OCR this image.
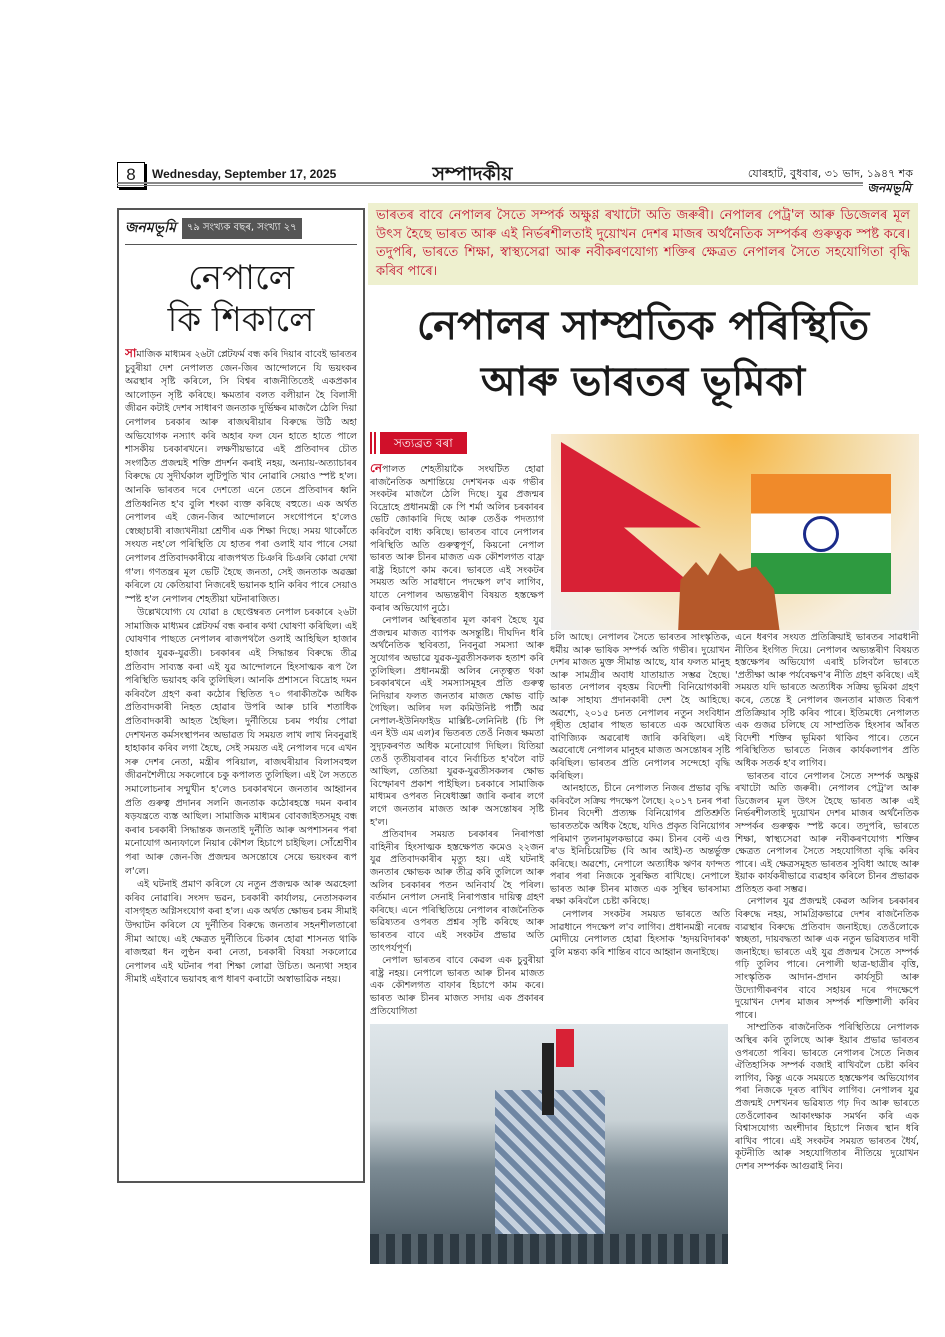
8	Wednesday, September 17, 2025	সম্পাদকীয়	যোৰহাট, বুধবাৰ, ৩১ ভাদ, ১৯৪৭ শক
জনমভূমি
জনমভূমি	৭৯ সংখ্যক বছৰ, সংখ্যা ২৭
নেপালে
কি শিকালে

সামাজিক মাধ্যমৰ ২৬টা প্লেটফৰ্ম বন্ধ কৰি দিয়াৰ বাবেই ভাৰতৰ চুবুৰীয়া দেশ নেপালত জেন-জিৰ আন্দোলনে যি ভয়ংকৰ অৱস্থাৰ সৃষ্টি কৰিলে, সি বিশ্বৰ ৰাজনীতিতেই একপ্ৰকাৰ আলোড়ন সৃষ্টি কৰিছে। ক্ষমতাৰ বলত বলীয়ান হৈ বিলাসী জীৱন কটাই দেশৰ সাধাৰণ জনতাক দুৰ্ভিক্ষৰ মাজলৈ ঠেলি দিয়া নেপালৰ চৰকাৰ আৰু ৰাজঘৰীয়াৰ বিৰুদ্ধে উঠি অহা অভিযোগক নস্যাৎ কৰি অহাৰ ফল যেন হাতে হাতে পালে শাসকীয় চৰকাৰখনে। লক্ষণীয়ভাৱে এই প্ৰতিবাদৰ চৌত সংগঠিত প্ৰজন্মই শক্তি প্ৰদৰ্শন কৰাই নহয়, অন্যায়-অত্যাচাৰৰ বিৰুদ্ধে যে সুদীৰ্ঘকাল লুটিপুতি খাব নোৱাৰি সেয়াও স্পষ্ট হ'ল। আনকি ভাৰতৰ দৰে দেশতো এনে তেনে প্ৰতিবাদৰ ধ্বনি প্ৰতিধ্বনিত হ'ব বুলি শংকা ব্যক্ত কৰিছে বহুতে। এক অৰ্থত নেপালৰ এই জেন-জিৰ আন্দোলনে সংগোপনে হ'লেও স্বেচ্ছাচাৰী ৰাজ্যখনীয়া শ্ৰেণীৰ এক শিক্ষা দিছে। সময় থাকোঁতে সংযত নহ'লে পৰিস্থিতি যে হাতৰ পৰা ওলাই যাব পাৰে সেয়া নেপালৰ প্ৰতিবাদকাৰীয়ে ৰাজপথত চিঞৰি চিঞৰি কোৱা দেখা গ'ল। গণতন্ত্ৰৰ মূল ভেটি হৈছে জনতা, সেই জনতাক অৱজ্ঞা কৰিলে যে কেতিয়াবা নিজৰেই ভয়ানক হানি কৰিব পাৰে সেয়াও স্পষ্ট হ'ল নেপালৰ শেহতীয়া ঘটনাৰাজিত।

উল্লেখযোগ্য যে যোৱা ৪ ছেপ্তেম্বৰত নেপাল চৰকাৰে ২৬টা সামাজিক মাধ্যমৰ প্লেটফৰ্ম বন্ধ কৰাৰ কথা ঘোষণা কৰিছিল। এই ঘোষণাৰ পাছতে নেপালৰ ৰাজপথলৈ ওলাই আহিছিল হাজাৰ হাজাৰ যুৱক-যুৱতী। চৰকাৰৰ এই সিদ্ধান্তৰ বিৰুদ্ধে তীব্ৰ প্ৰতিবাদ সাব্যস্ত কৰা এই যুৱ আন্দোলনে হিংসাত্মক ৰূপ লৈ পৰিস্থিতি ভয়াবহ কৰি তুলিছিল। আনকি প্ৰশাসনে বিদ্ৰোহ দমন কৰিবলৈ গ্ৰহণ কৰা কঠোৰ স্থিতিত ৭০ গৰাকীতকৈ অধিক প্ৰতিবাদকাৰী নিহত হোৱাৰ উপৰি আৰু চাৰি শতাধিক প্ৰতিবাদকাৰী আহত হৈছিল। দুৰ্নীতিয়ে চৰম পৰ্যায় পোৱা দেশখনত কৰ্মসংস্থাপনৰ অভাৱত যি সময়ত লাখ লাখ নিবনুৱাই হাহাকাৰ কৰিব লগা হৈছে, সেই সময়ত এই নেপালৰ দৰে এখন সৰু দেশৰ নেতা, মন্ত্ৰীৰ পৰিয়াল, ৰাজঘৰীয়াৰ বিলাসবহুল জীৱনশৈলীয়ে সকলোৰে চকু কপালত তুলিছিল। এই লৈ সততে সমালোচনাৰ সন্মুখীন হ'লেও চৰকাৰখনে জনতাৰ আহ্বানৰ প্ৰতি গুৰুত্ব প্ৰদানৰ সলনি জনতাক কঠোৰহস্তে দমন কৰাৰ ষড়যন্ত্ৰতে ব্যস্ত আছিল। সামাজিক মাধ্যমৰ বোবজাইতসমূহ বন্ধ কৰাৰ চৰকাৰী সিদ্ধান্তক জনতাই দুৰ্নীতি আৰু অপশাসনৰ পৰা মনোযোগ অন্যফালে নিয়াৰ কৌশল হিচাপে চাইছিল। সোঁশ্ৰেণীৰ পৰা আৰু জেন-জি প্ৰজন্মৰ অসন্তোষে সেয়ে ভয়ংকৰ ৰূপ ল'লে।

এই ঘটনাই প্ৰমাণ কৰিলে যে নতুন প্ৰজন্মক আৰু অৱহেলা কৰিব নোৱাৰি। সংসদ ভৱন, চৰকাৰী কাৰ্যালয়, নেতাসকলৰ বাসগৃহত অগ্নিসংযোগ কৰা হ'ল। এক অৰ্থত ক্ষোভৰ চৰম সীমাই উদ্ঘাটন কৰিলে যে দুৰ্নীতিৰ বিৰুদ্ধে জনতাৰ সহনশীলতাৰো সীমা আছে। এই ক্ষেত্ৰত দুৰ্নীতিৰে চিকাৰ হোৱা শাসনত থাকি ৰাজহুৱা ধন লুণ্ঠন কৰা নেতা, চৰকাৰী বিষয়া সকলোৱে নেপালৰ এই ঘটনাৰ পৰা শিক্ষা লোৱা উচিত। অন্যথা সহ্যৰ সীমাই এইবাৰে ভয়াবহ ৰূপ ধাৰণ কৰাটো অস্বাভাৱিক নহয়।

ভাৰতৰ বাবে নেপালৰ সৈতে সম্পৰ্ক অক্ষুণ্ণ ৰখাটো অতি জৰুৰী। নেপালৰ পেট্ৰ'ল আৰু ডিজেলৰ মূল উৎস হৈছে ভাৰত আৰু এই নিৰ্ভৰশীলতাই দুয়োখন দেশৰ মাজৰ অৰ্থনৈতিক সম্পৰ্কৰ গুৰুত্বক স্পষ্ট কৰে। তদুপৰি, ভাৰতে শিক্ষা, স্বাস্থ্যসেৱা আৰু নবীকৰণযোগ্য শক্তিৰ ক্ষেত্ৰত নেপালৰ সৈতে সহযোগিতা বৃদ্ধি কৰিব পাৰে।
নেপালৰ সাম্প্ৰতিক পৰিস্থিতি
আৰু ভাৰতৰ ভূমিকা
সত্যব্ৰত বৰা

নেপালত শেহতীয়াকৈ সংঘটিত হোৱা ৰাজনৈতিক অশান্তিয়ে দেশখনক এক গভীৰ সংকটৰ মাজলৈ ঠেলি দিছে। যুৱ প্ৰজন্মৰ বিদ্ৰোহে প্ৰধানমন্ত্ৰী কে পি শৰ্মা অলিৰ চৰকাৰৰ ভেটি জোকাৰি দিছে আৰু তেওঁক পদত্যাগ কৰিবলৈ বাধ্য কৰিছে। ভাৰতৰ বাবে নেপালৰ পৰিস্থিতি অতি গুৰুত্বপূৰ্ণ, কিয়নো নেপাল ভাৰত আৰু চীনৰ মাজত এক কৌশলগত বাফ্ৰ ৰাষ্ট্ৰ হিচাপে কাম কৰে। ভাৰতে এই সংকটৰ সময়ত অতি সাৱধানে পদক্ষেপ ল'ব লাগিব, যাতে নেপালৰ অভ্যন্তৰীণ বিষয়ত হস্তক্ষেপ কৰাৰ অভিযোগ নুঠে।

নেপালৰ অস্থিৰতাৰ মূল কাৰণ হৈছে যুৱ প্ৰজন্মৰ মাজত ব্যাপক অসন্তুষ্টি। দীঘদিন ধৰি অৰ্থনৈতিক স্থবিৰতা, নিবনুৱা সমস্যা আৰু সুযোগৰ অভাৱে যুৱক-যুৱতীসকলক হতাশ কৰি তুলিছিল। প্ৰধানমন্ত্ৰী অলিৰ নেতৃত্বত থকা চৰকাৰখনে এই সমস্যাসমূহৰ প্ৰতি গুৰুত্ব নিদিয়াৰ ফলত জনতাৰ মাজত ক্ষোভ বাঢ়ি গৈছিল। অলিৰ দল কমিউনিষ্ট পাৰ্টী অৱ নেপাল-ইউনিফাইড মাৰ্ক্সিষ্ট-লেনিনিষ্ট (চি পি এন ইউ এম এল)ৰ ভিতৰত তেওঁ নিজৰ ক্ষমতা সুদৃঢ়কৰণত অধিক মনোযোগ দিছিল। যিতিয়া তেওঁ তৃতীয়বাৰৰ বাবে নিৰ্বাচিত হ'বলৈ বাট আছিল, তেতিয়া যুৱক-যুৱতীসকলৰ ক্ষোভ বিস্ফোৰণ প্ৰকাশ পাইছিল। চৰকাৰে সামাজিক মাধ্যমৰ ওপৰত নিষেধাজ্ঞা জাৰি কৰাৰ লগে লগে জনতাৰ মাজত আৰু অসন্তোষৰ সৃষ্টি হ'ল।

প্ৰতিবাদৰ সময়ত চৰকাৰৰ নিৰাপত্তা বাহিনীৰ হিংসাত্মক হস্তক্ষেপত কমেও ২২জন যুৱ প্ৰতিবাদকাৰীৰ মৃত্যু হয়। এই ঘটনাই জনতাৰ ক্ষোভক আৰু তীব্ৰ কৰি তুলিলে আৰু অলিৰ চৰকাৰৰ পতন অনিবাৰ্য হৈ পৰিল। বৰ্তমান নেপাল সেনাই নিৰাপত্তাৰ দায়িত্ব গ্ৰহণ কৰিছে। এনে পৰিস্থিতিয়ে নেপালৰ ৰাজনৈতিক ভৱিষ্যতৰ ওপৰত প্ৰশ্নৰ সৃষ্টি কৰিছে আৰু ভাৰতৰ বাবে এই সংকটৰ প্ৰভাৱ অতি তাৎপৰ্যপূৰ্ণ।

নেপাল ভাৰতৰ বাবে কেৱল এক চুবুৰীয়া ৰাষ্ট্ৰ নহয়। নেপালে ভাৰত আৰু চীনৰ মাজত এক কৌশলগত বাফাৰ হিচাপে কাম কৰে। ভাৰত আৰু চীনৰ মাজত সদায় এক প্ৰকাৰৰ প্ৰতিযোগিতা

চলি আছে। নেপালৰ সৈতে ভাৰতৰ সাংস্কৃতিক, ধৰ্মীয় আৰু ভাষিক সম্পৰ্ক অতি গভীৰ। দুয়োখন দেশৰ মাজত মুক্ত সীমান্ত আছে, যাৰ ফলত মানুহ আৰু সামগ্ৰীৰ অবাধ যাতায়াত সম্ভৱ হৈছে। ভাৰত নেপালৰ বৃহত্তম বিদেশী বিনিয়োগকাৰী আৰু সাহায্য প্ৰদানকাৰী দেশ হৈ আহিছে। অৱশ্যে, ২০১৫ চনত নেপালৰ নতুন সংবিধান গৃহীত হোৱাৰ পাছত ভাৰতে এক অঘোষিত বাণিজ্যিক অৱৰোধ জাৰি কৰিছিল। এই অৱৰোধে নেপালৰ মানুহৰ মাজত অসন্তোষৰ সৃষ্টি কৰিছিল। ভাৰতৰ প্ৰতি নেপালৰ সন্দেহো বৃদ্ধি কৰিছিল।

আনহাতে, চীনে নেপালত নিজৰ প্ৰভাৱ বৃদ্ধি কৰিবলৈ সক্ৰিয় পদক্ষেপ লৈছে। ২০১৭ চনৰ পৰা চীনৰ বিদেশী প্ৰত্যক্ষ বিনিয়োগৰ প্ৰতিশ্ৰুতি ভাৰততকৈ অধিক হৈছে, যদিও প্ৰকৃত বিনিয়োগৰ পৰিমাণ তুলনামূলকভাৱে কম। চীনৰ বেল্ট এণ্ড ৰ'ড ইনিচিয়েটিভ (বি আৰ আই)-ত অন্তৰ্ভুক্ত কৰিছে। অৱশ্যে, নেপালে অত্যধিক ঋণৰ ফান্দত পৰাৰ পৰা নিজকে সুৰক্ষিত ৰাখিছে। নেপালে ভাৰত আৰু চীনৰ মাজত এক সুস্থিৰ ভাৰসাম্য ৰক্ষা কৰিবলৈ চেষ্টা কৰিছে।

নেপালৰ সংকটৰ সময়ত ভাৰতে অতি সাৱধানে পদক্ষেপ ল'ব লাগিব। প্ৰধানমন্ত্ৰী নৰেন্দ্ৰ মোদীয়ে নেপালত হোৱা হিংসাক 'হৃদয়বিদাৰক' বুলি মন্তব্য কৰি শান্তিৰ বাবে আহ্বান জনাইছে।

এনে ধৰণৰ সংযত প্ৰতিক্ৰিয়াই ভাৰতৰ সাৱধানী নীতিৰ ইংগিত দিয়ে। নেপালৰ অভ্যন্তৰীণ বিষয়ত হস্তক্ষেপৰ অভিযোগ এৰাই চলিবলৈ ভাৰতে 'প্ৰতীক্ষা আৰু পৰ্যবেক্ষণ'ৰ নীতি গ্ৰহণ কৰিছে। এই সময়ত যদি ভাৰতে অত্যধিক সক্ৰিয় ভূমিকা গ্ৰহণ কৰে, তেন্তে ই নেপালৰ জনতাৰ মাজত বিৰূপ প্ৰতিক্ৰিয়াৰ সৃষ্টি কৰিব পাৰে। ইতিমধ্যে নেপালত এক গুজৱ চলিছে যে সাম্প্ৰতিক হিংসাৰ আঁৰত বিদেশী শক্তিৰ ভূমিকা থাকিব পাৰে। তেনে পৰিস্থিতিত ভাৰতে নিজৰ কাৰ্যকলাপৰ প্ৰতি অধিক সতৰ্ক হ'ব লাগিব।

ভাৰতৰ বাবে নেপালৰ সৈতে সম্পৰ্ক অক্ষুণ্ণ ৰখাটো অতি জৰুৰী। নেপালৰ পেট্ৰ'ল আৰু ডিজেলৰ মূল উৎস হৈছে ভাৰত আৰু এই নিৰ্ভৰশীলতাই দুয়োখন দেশৰ মাজৰ অৰ্থনৈতিক সম্পৰ্কৰ গুৰুত্বক স্পষ্ট কৰে। তদুপৰি, ভাৰতে শিক্ষা, স্বাস্থ্যসেৱা আৰু নবীকৰণযোগ্য শক্তিৰ ক্ষেত্ৰত নেপালৰ সৈতে সহযোগিতা বৃদ্ধি কৰিব পাৰে। এই ক্ষেত্ৰসমূহত ভাৰতৰ সুবিধা আছে আৰু ইয়াক কাৰ্যকৰীভাৱে ব্যৱহাৰ কৰিলে চীনৰ প্ৰভাৱক প্ৰতিহত কৰা সম্ভৱ।

নেপালৰ যুৱ প্ৰজন্মই কেৱল অলিৰ চৰকাৰৰ বিৰুদ্ধে নহয়, সামগ্ৰিকভাৱে দেশৰ ৰাজনৈতিক ব্যৱস্থাৰ বিৰুদ্ধে প্ৰতিবাদ জনাইছে। তেওঁলোকে স্বচ্ছতা, দায়বদ্ধতা আৰু এক নতুন ভৱিষ্যতৰ দাবী জনাইছে। ভাৰতে এই যুৱ প্ৰজন্মৰ সৈতে সম্পৰ্ক গঢ়ি তুলিব পাৰে। নেপালী ছাত্ৰ-ছাত্ৰীৰ বৃত্তি, সাংস্কৃতিক আদান-প্ৰদান কাৰ্যসূচী আৰু উদ্যোগীকৰণৰ বাবে সহায়ৰ দৰে পদক্ষেপে দুয়োখন দেশৰ মাজৰ সম্পৰ্ক শক্তিশালী কৰিব পাৰে।

সাম্প্ৰতিক ৰাজনৈতিক পৰিস্থিতিয়ে নেপালক অস্থিৰ কৰি তুলিছে আৰু ইয়াৰ প্ৰভাৱ ভাৰতৰ ওপৰতো পৰিব। ভাৰতে নেপালৰ সৈতে নিজৰ ঐতিহাসিক সম্পৰ্ক বজাই ৰাখিবলৈ চেষ্টা কৰিব লাগিব, কিন্তু একে সময়তে হস্তক্ষেপৰ অভিযোগৰ পৰা নিজকে দূৰত ৰাখিব লাগিব। নেপালৰ যুৱ প্ৰজন্মই দেশখনৰ ভৱিষ্যত গঢ় দিব আৰু ভাৰতে তেওঁলোকৰ আকাংক্ষাক সমৰ্থন কৰি এক বিশ্বাসযোগ্য অংশীদাৰ হিচাপে নিজৰ স্থান ধৰি ৰাখিব পাৰে। এই সংকটৰ সময়ত ভাৰতৰ ধৈৰ্য, কূটনীতি আৰু সহযোগিতাৰ নীতিয়ে দুয়োখন দেশৰ সম্পৰ্কক আগুৱাই নিব।
